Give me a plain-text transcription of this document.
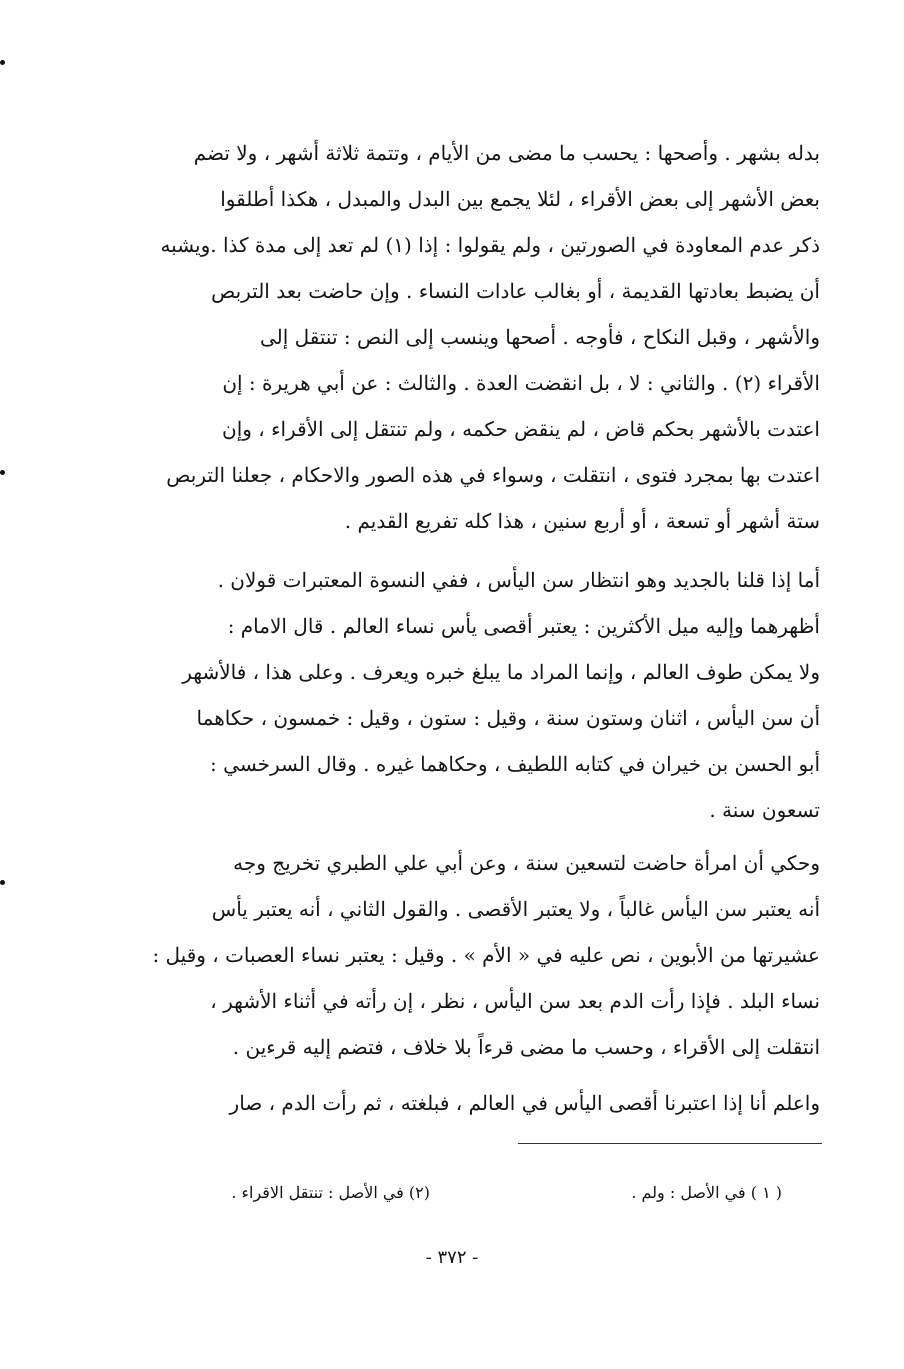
بدله بشهر . وأصحها : يحسب ما مضى من الأيام ، وتتمة ثلاثة أشهر ، ولا تضم
بعض الأشهر إلى بعض الأقراء ، لئلا يجمع بين البدل والمبدل ، هكذا أطلقوا
ذكر عدم المعاودة في الصورتين ، ولم يقولوا : إذا (١) لم تعد إلى مدة كذا .ويشبه
أن يضبط بعادتها القديمة ، أو بغالب عادات النساء . وإن حاضت بعد التربص
والأشهر ، وقبل النكاح ، فأوجه . أصحها وينسب إلى النص : تنتقل إلى
الأقراء (٢) . والثاني : لا ، بل انقضت العدة . والثالث : عن أبي هريرة : إن
اعتدت بالأشهر بحكم قاض ، لم ينقض حكمه ، ولم تنتقل إلى الأقراء ، وإن
اعتدت بها بمجرد فتوى ، انتقلت ، وسواء في هذه الصور والاحكام ، جعلنا التربص
ستة أشهر أو تسعة ، أو أربع سنين ، هذا كله تفريع القديم .
أما إذا قلنا بالجديد وهو انتظار سن اليأس ، ففي النسوة المعتبرات قولان .
أظهرهما وإليه ميل الأكثرين : يعتبر أقصى يأس نساء العالم . قال الامام :
ولا يمكن طوف العالم ، وإنما المراد ما يبلغ خبره ويعرف . وعلى هذا ، فالأشهر
أن سن اليأس ، اثنان وستون سنة ، وقيل : ستون ، وقيل : خمسون ، حكاهما
أبو الحسن بن خيران في كتابه اللطيف ، وحكاهما غيره . وقال السرخسي :
تسعون سنة .
وحكي أن امرأة حاضت لتسعين سنة ، وعن أبي علي الطبري تخريج وجه
أنه يعتبر سن اليأس غالباً ، ولا يعتبر الأقصى . والقول الثاني ، أنه يعتبر يأس
عشيرتها من الأبوين ، نص عليه في « الأم » . وقيل : يعتبر نساء العصبات ، وقيل :
نساء البلد . فإذا رأت الدم بعد سن اليأس ، نظر ، إن رأته في أثناء الأشهر ،
انتقلت إلى الأقراء ، وحسب ما مضى قرءاً بلا خلاف ، فتضم إليه قرءين .
واعلم أنا إذا اعتبرنا أقصى اليأس في العالم ، فبلغته ، ثم رأت الدم ، صار
( ١ ) في الأصل : ولم .
(٢) في الأصل : تنتقل الاقراء .
- ٣٧٢ -
